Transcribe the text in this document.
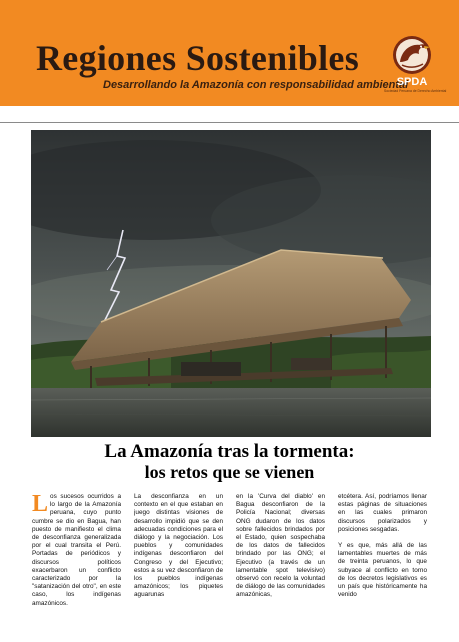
Regiones Sostenibles
Desarrollando la Amazonía con responsabilidad ambiental
SPDA
Sociedad Peruana de Derecho Ambiental
La Amazonía tras la tormenta:
los retos que se vienen
Los sucesos ocurridos a lo largo de la Amazonía peruana, cuyo punto cumbre se dio en Bagua, han puesto de manifiesto el clima de desconfianza generalizada por el cual transita el Perú. Portadas de periódicos y discursos políticos exacerbaron un conflicto caracterizado por la "satanización del otro", en este caso, los indígenas amazónicos.
La desconfianza en un contexto en el que estaban en juego distintas visiones de desarrollo impidió que se den adecuadas condiciones para el diálogo y la negociación. Los pueblos y comunidades indígenas desconfiaron del Congreso y del Ejecutivo; estos a su vez desconfiaron de los pueblos indígenas amazónicos; los piquetes aguarunas
en la 'Curva del diablo' en Bagua desconfiaron de la Policía Nacional; diversas ONG dudaron de los datos sobre fallecidos brindados por el Estado, quien sospechaba de los datos de fallecidos brindado por las ONG; el Ejecutivo (a través de un lamentable spot televisivo) observó con recelo la voluntad de diálogo de las comunidades amazónicas,

etcétera. Así, podríamos llenar estas páginas de situaciones en las cuales primaron discursos polarizados y posiciones sesgadas.

Y es que, más allá de las lamentables muertes de más de treinta peruanos, lo que subyace al conflicto en torno de los decretos legislativos es un país que históricamente ha venido
